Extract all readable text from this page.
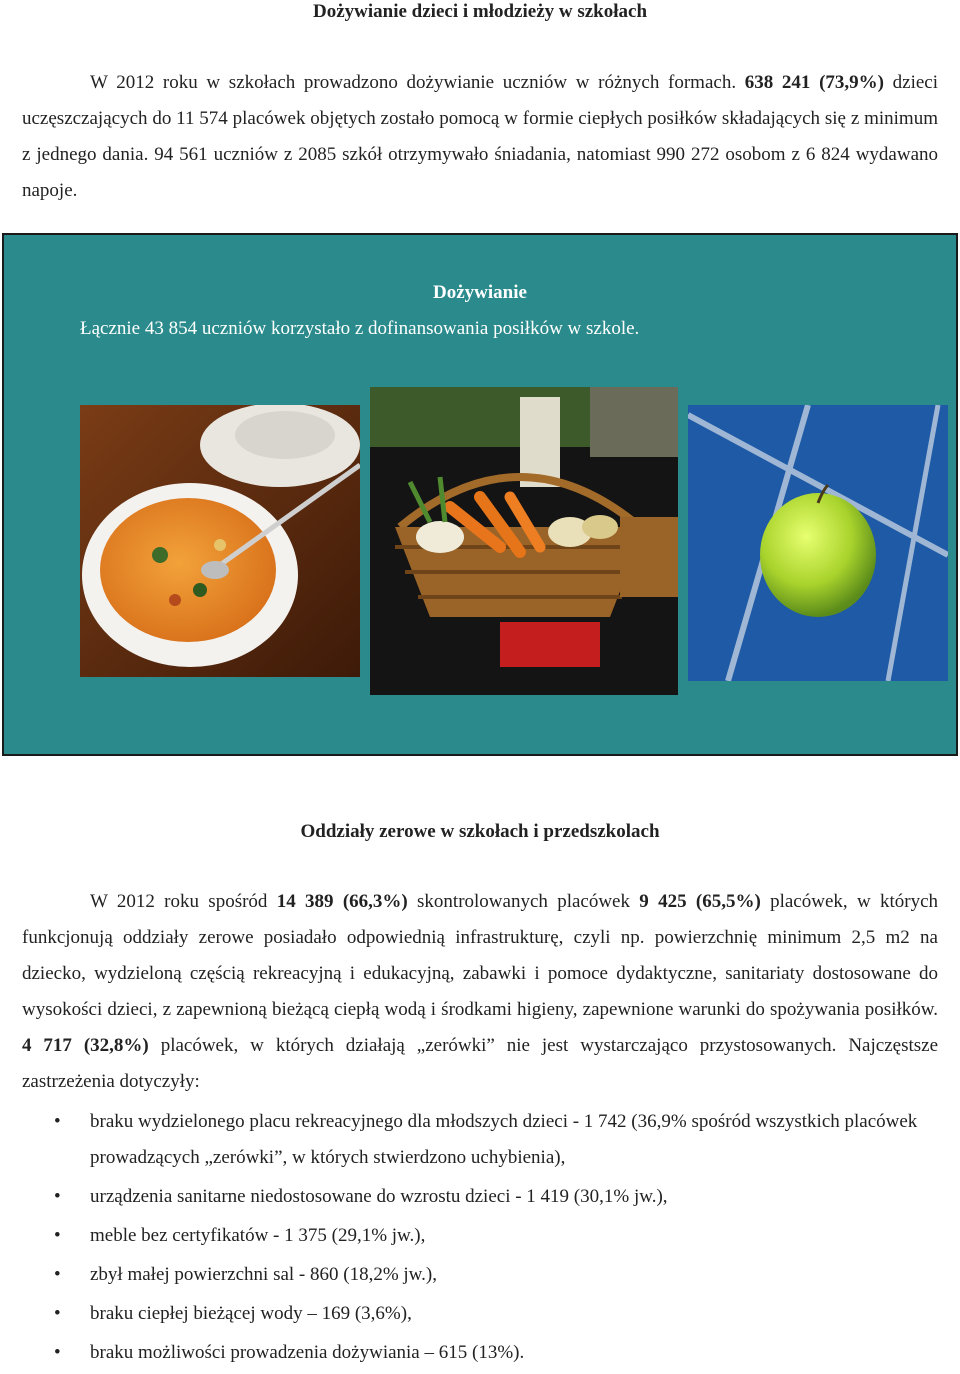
Dożywianie dzieci i młodzieży w szkołach
W 2012 roku w szkołach prowadzono dożywianie uczniów w różnych formach. 638 241 (73,9%) dzieci uczęszczających do 11 574 placówek objętych zostało pomocą w formie ciepłych posiłków składających się z minimum z jednego dania. 94 561 uczniów z 2085 szkół otrzymywało śniadania, natomiast 990 272 osobom z 6 824 wydawano napoje.
Dożywianie
Łącznie 43 854 uczniów korzystało z dofinansowania posiłków w szkole.
Oddziały zerowe w szkołach i przedszkolach
W 2012 roku spośród 14 389 (66,3%) skontrolowanych placówek 9 425 (65,5%) placówek, w których funkcjonują oddziały zerowe posiadało odpowiednią infrastrukturę, czyli np. powierzchnię minimum 2,5 m2 na dziecko, wydzieloną częścią rekreacyjną i edukacyjną, zabawki i pomoce dydaktyczne, sanitariaty dostosowane do wysokości dzieci, z zapewnioną bieżącą ciepłą wodą i środkami higieny, zapewnione warunki do spożywania posiłków. 4 717 (32,8%) placówek, w których działają „zerówki” nie jest wystarczająco przystosowanych. Najczęstsze zastrzeżenia dotyczyły:
• braku wydzielonego placu rekreacyjnego dla młodszych dzieci - 1 742 (36,9% spośród wszystkich placówek prowadzących „zerówki”, w których stwierdzono uchybienia),
• urządzenia sanitarne niedostosowane do wzrostu dzieci - 1 419 (30,1% jw.),
• meble bez certyfikatów - 1 375 (29,1% jw.),
• zbył małej powierzchni sal - 860 (18,2% jw.),
• braku ciepłej bieżącej wody – 169 (3,6%),
• braku możliwości prowadzenia dożywiania – 615 (13%).
